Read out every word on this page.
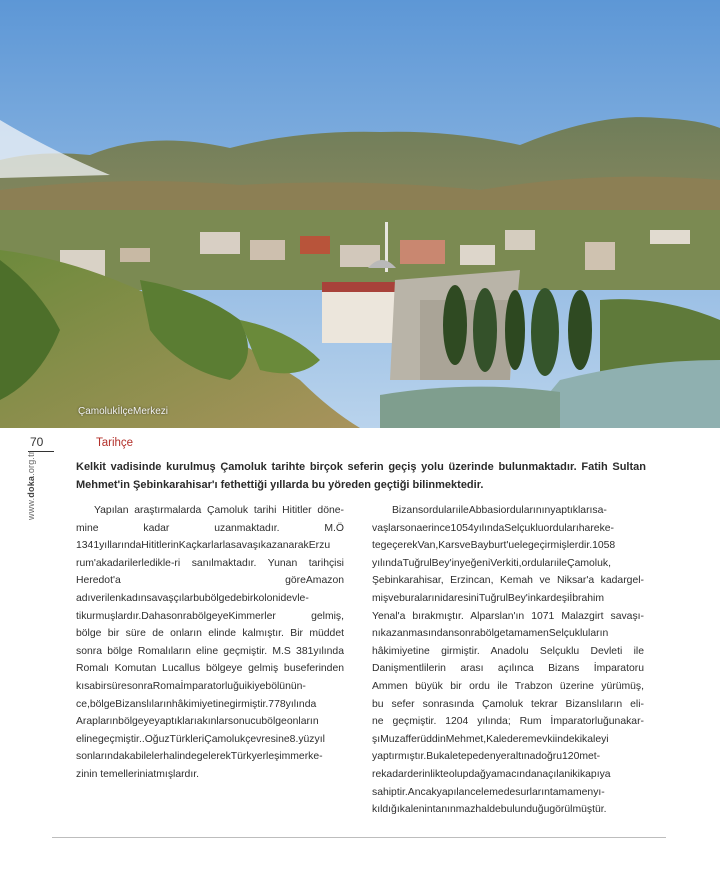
ÇamolukİlçeMerkezi
70
www.doka.org.tr
Tarihçe
Kelkit vadisinde kurulmuş Çamoluk tarihte birçok seferin geçiş yolu üzerinde bulunmaktadır. Fatih Sultan Mehmet'in Şebinkarahisar'ı fethettiği yıllarda bu yöreden geçtiği bilinmektedir.

Yapılan araştırmalarda Çamoluk tarihi Hititler döne-
mine kadar uzanmaktadır. M.Ö
1341yıllarındaHititlerinKaçkarlarlasavaşıkazanarakErzu
rum'akadarilerledikle-ri sanılmaktadır. Yunan tarihçisi
Heredot'a göreAmazon
adıverilenkadınsavaşçılarbubölgedebirkolonidevle-
tikurmuşlardır.DahasonrabölgeyeKimmerler gelmiş,
bölge bir süre de onların elinde kalmıştır. Bir müddet
sonra bölge Romalıların eline geçmiştir. M.S 381yılında
Romalı Komutan Lucallus bölgeye gelmiş buseferinden
kısabirsüresonraRomaİmparatorluğuikiyebölünün-
ce,bölgeBizanslılarınhâkimiyetinegirmiştir.778yılında
Araplarınbölgeyeyaptıklarıakınlarsonucubölgeonların
elinegeçmiştir..OğuzTürkleriÇamolukçevresine8.yüzyıl
sonlarındakabilelerhalindegelerekTürkyerleşimmerke-
zinin temelleriniatmışlardır.

BizansordularıileAbbasiordularınınyaptıklarısa-
vaşlarsonaerince1054yılındaSelçukluordularıhareke-
tegeçerekVan,KarsveBayburt'uelegeçirmişlerdir.1058
yılındaTuğrulBey'inyeğeniVerkiti,ordularıileÇamoluk,
Şebinkarahisar, Erzincan, Kemah ve Niksar'a kadargel-
mişveburalarınidaresiniTuğrulBey'inkardeşiİbrahim
Yenal'a bırakmıştır. Alparslan'ın 1071 Malazgirt savaşı-
nıkazanmasındansonrabölgetamamenSelçukluların
hâkimiyetine girmiştir. Anadolu Selçuklu Devleti ile
Danişmentlilerin arası açılınca Bizans İmparatoru
Ammen büyük bir ordu ile Trabzon üzerine yürümüş,
bu sefer sonrasında Çamoluk tekrar Bizanslıların eli-
ne geçmiştir. 1204 yılında; Rum İmparatorluğunakar-
şıMuzafferüddinMehmet,Kalederemevkiindekikaleyi
yaptırmıştır.Bukaletepedenyeraltınadoğru120met-
rekadarderinlikteolupdağyamacındanaçılanikikapıya
sahiptir.Ancakyapılancelemedesurlarıntamamenyı-
kıldığıkalenintanınmazhaldebulunduğugörülmüştür.
